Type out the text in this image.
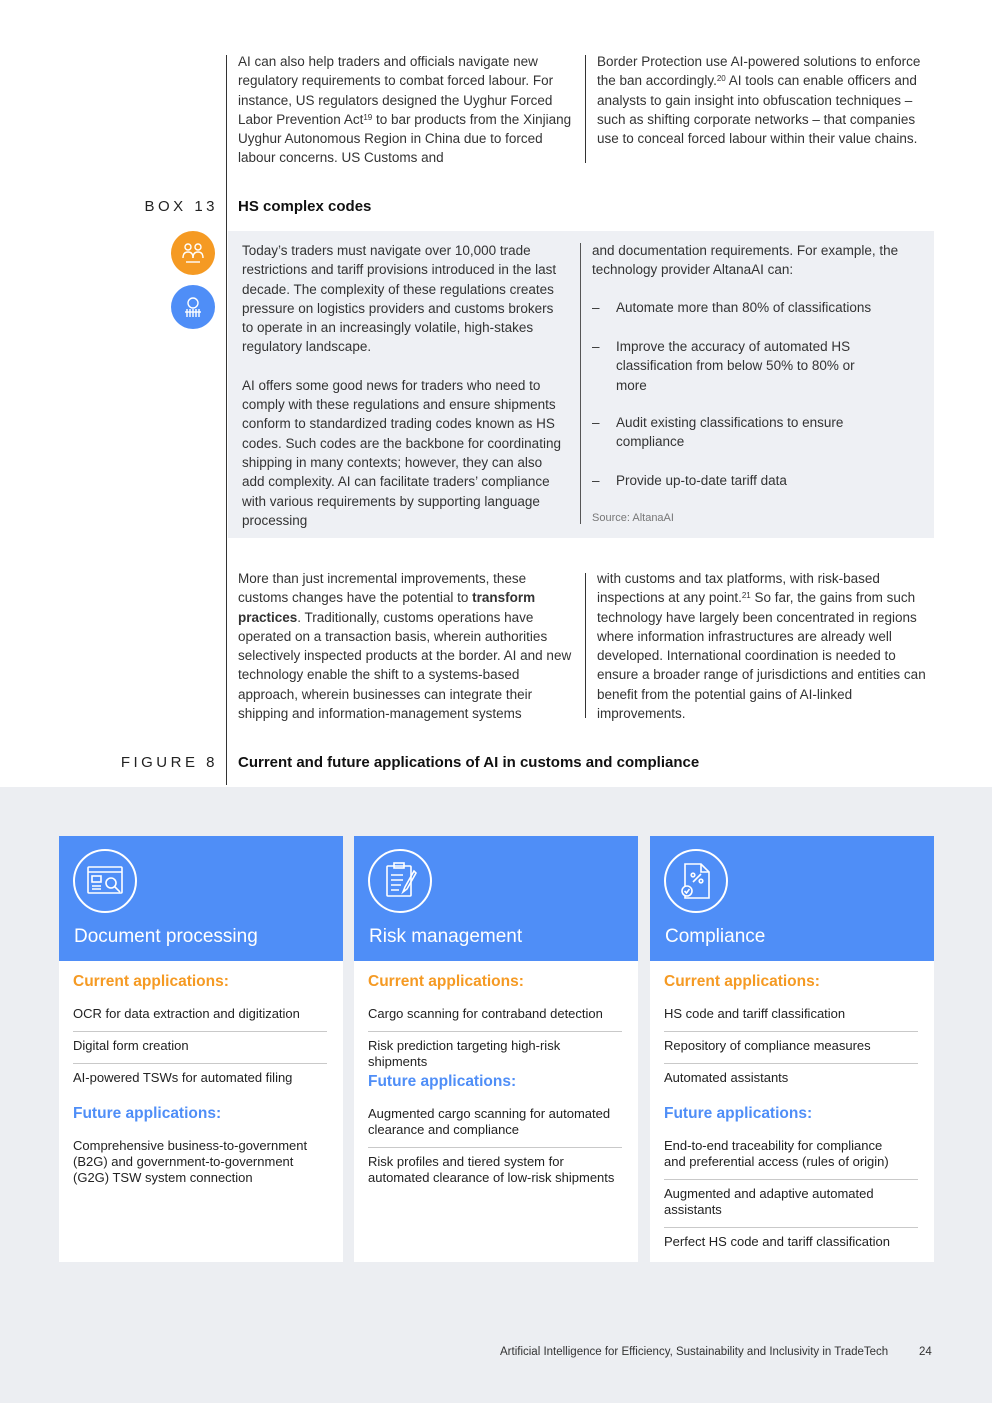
AI can also help traders and officials navigate new regulatory requirements to combat forced labour. For instance, US regulators designed the Uyghur Forced Labor Prevention Act$^{19}$ to bar products from the Xinjiang Uyghur Autonomous Region in China due to forced labour concerns. US Customs and
Border Protection use AI-powered solutions to enforce the ban accordingly.$^{20}$ AI tools can enable officers and analysts to gain insight into obfuscation techniques – such as shifting corporate networks – that companies use to conceal forced labour within their value chains.
BOX 13 HS complex codes
Today’s traders must navigate over 10,000 trade restrictions and tariff provisions introduced in the last decade. The complexity of these regulations creates pressure on logistics providers and customs brokers to operate in an increasingly volatile, high-stakes regulatory landscape.
AI offers some good news for traders who need to comply with these regulations and ensure shipments conform to standardized trading codes known as HS codes. Such codes are the backbone for coordinating shipping in many contexts; however, they can also add complexity. AI can facilitate traders’ compliance with various requirements by supporting language processing
and documentation requirements. For example, the technology provider AltanaAI can:
– Automate more than 80% of classifications
– Improve the accuracy of automated HS classification from below 50% to 80% or more
– Audit existing classifications to ensure compliance
– Provide up-to-date tariff data
Source: AltanaAI
More than just incremental improvements, these customs changes have the potential to transform practices. Traditionally, customs operations have operated on a transaction basis, wherein authorities selectively inspected products at the border. AI and new technology enable the shift to a systems-based approach, wherein businesses can integrate their shipping and information-management systems
with customs and tax platforms, with risk-based inspections at any point.$^{21}$ So far, the gains from such technology have largely been concentrated in regions where information infrastructures are already well developed. International coordination is needed to ensure a broader range of jurisdictions and entities can benefit from the potential gains of AI-linked improvements.
FIGURE 8 Current and future applications of AI in customs and compliance
Document processing
Current applications:
OCR for data extraction and digitization
Digital form creation
AI-powered TSWs for automated filing
Future applications:
Comprehensive business-to-government (B2G) and government-to-government (G2G) TSW system connection
Risk management
Current applications:
Cargo scanning for contraband detection
Risk prediction targeting high-risk shipments
Future applications:
Augmented cargo scanning for automated clearance and compliance
Risk profiles and tiered system for automated clearance of low-risk shipments
Compliance
Current applications:
HS code and tariff classification
Repository of compliance measures
Automated assistants
Future applications:
End-to-end traceability for compliance and preferential access (rules of origin)
Augmented and adaptive automated assistants
Perfect HS code and tariff classification
Artificial Intelligence for Efficiency, Sustainability and Inclusivity in TradeTech	24
